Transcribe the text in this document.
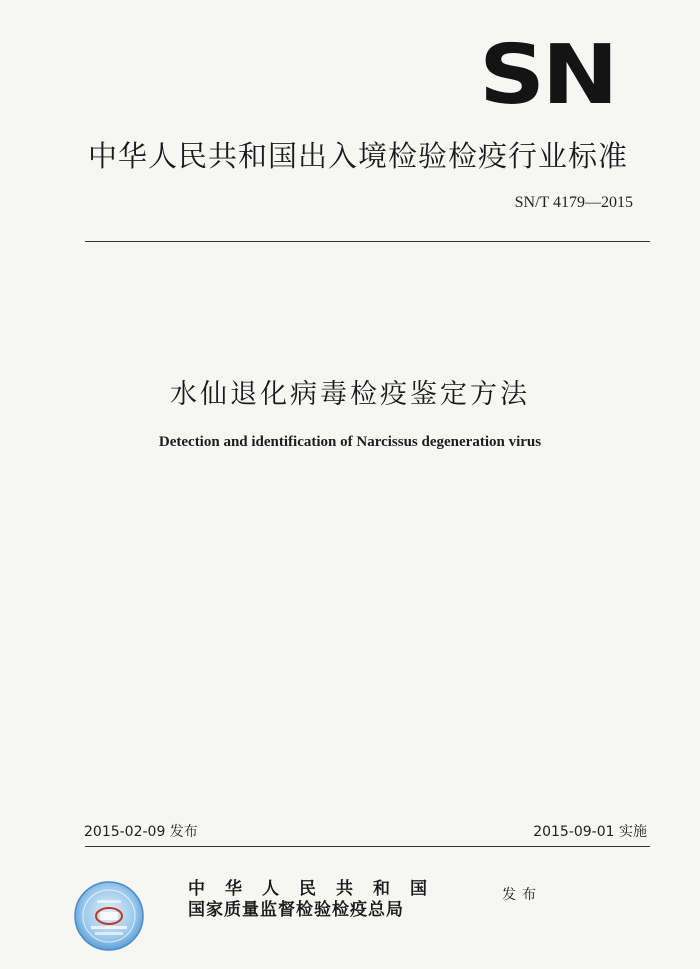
SN
中华人民共和国出入境检验检疫行业标准
SN/T 4179—2015
水仙退化病毒检疫鉴定方法
Detection and identification of Narcissus degeneration virus
2015-02-09 发布	2015-09-01 实施
中华人民共和国
国家质量监督检验检疫总局
发布
